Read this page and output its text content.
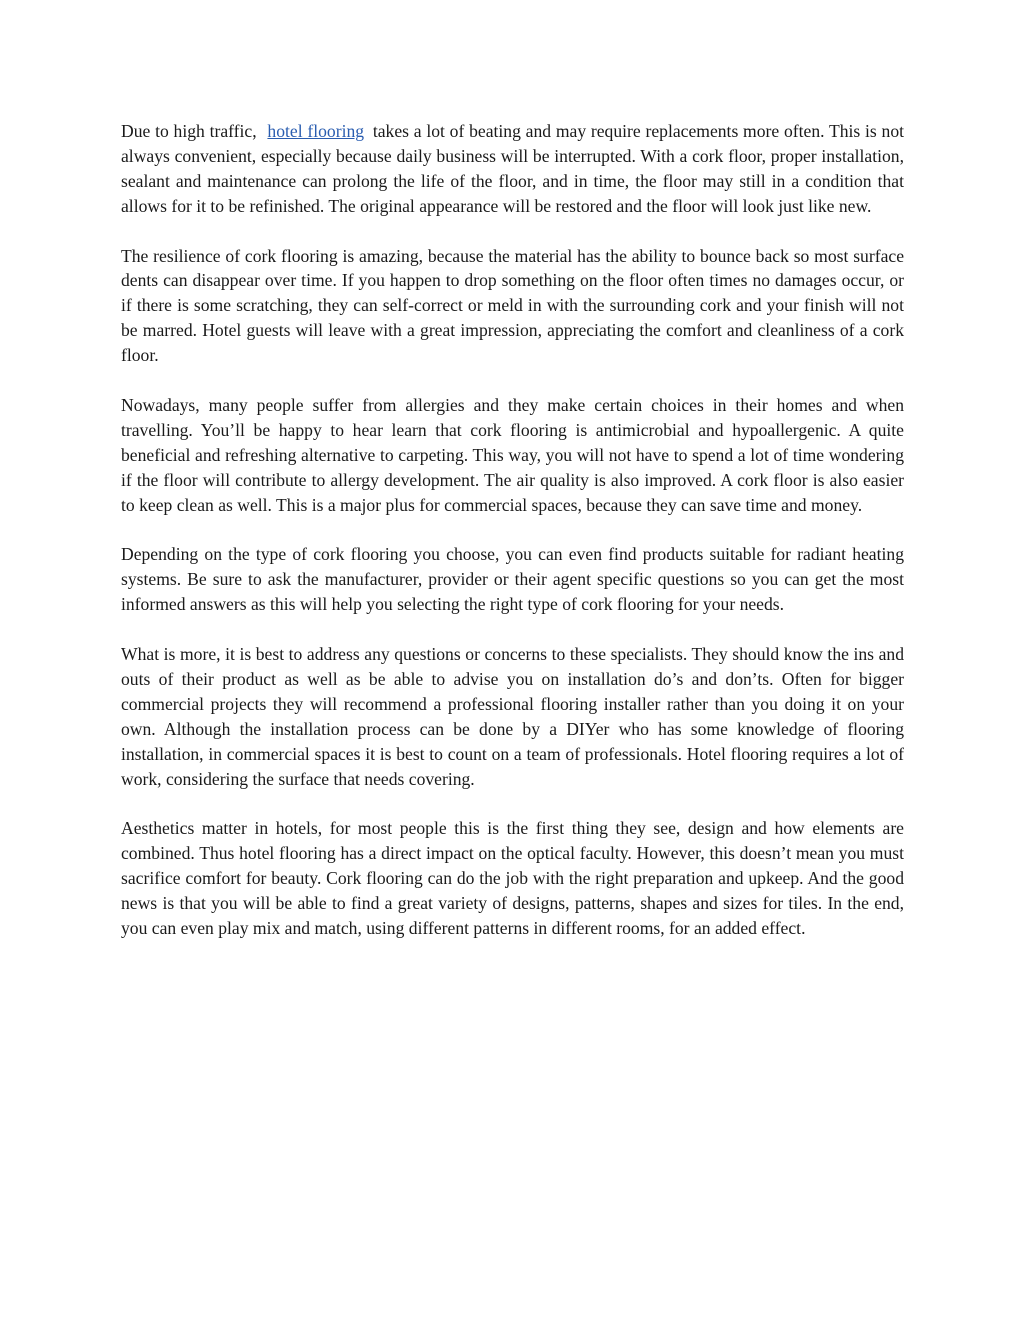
Due to high traffic, hotel flooring takes a lot of beating and may require replacements more often. This is not always convenient, especially because daily business will be interrupted. With a cork floor, proper installation, sealant and maintenance can prolong the life of the floor, and in time, the floor may still in a condition that allows for it to be refinished. The original appearance will be restored and the floor will look just like new.

The resilience of cork flooring is amazing, because the material has the ability to bounce back so most surface dents can disappear over time. If you happen to drop something on the floor often times no damages occur, or if there is some scratching, they can self-correct or meld in with the surrounding cork and your finish will not be marred. Hotel guests will leave with a great impression, appreciating the comfort and cleanliness of a cork floor.

Nowadays, many people suffer from allergies and they make certain choices in their homes and when travelling. You’ll be happy to hear learn that cork flooring is antimicrobial and hypoallergenic. A quite beneficial and refreshing alternative to carpeting. This way, you will not have to spend a lot of time wondering if the floor will contribute to allergy development. The air quality is also improved. A cork floor is also easier to keep clean as well. This is a major plus for commercial spaces, because they can save time and money.

Depending on the type of cork flooring you choose, you can even find products suitable for radiant heating systems. Be sure to ask the manufacturer, provider or their agent specific questions so you can get the most informed answers as this will help you selecting the right type of cork flooring for your needs.

What is more, it is best to address any questions or concerns to these specialists. They should know the ins and outs of their product as well as be able to advise you on installation do’s and don’ts. Often for bigger commercial projects they will recommend a professional flooring installer rather than you doing it on your own. Although the installation process can be done by a DIYer who has some knowledge of flooring installation, in commercial spaces it is best to count on a team of professionals. Hotel flooring requires a lot of work, considering the surface that needs covering.

Aesthetics matter in hotels, for most people this is the first thing they see, design and how elements are combined. Thus hotel flooring has a direct impact on the optical faculty. However, this doesn’t mean you must sacrifice comfort for beauty. Cork flooring can do the job with the right preparation and upkeep. And the good news is that you will be able to find a great variety of designs, patterns, shapes and sizes for tiles. In the end, you can even play mix and match, using different patterns in different rooms, for an added effect.
